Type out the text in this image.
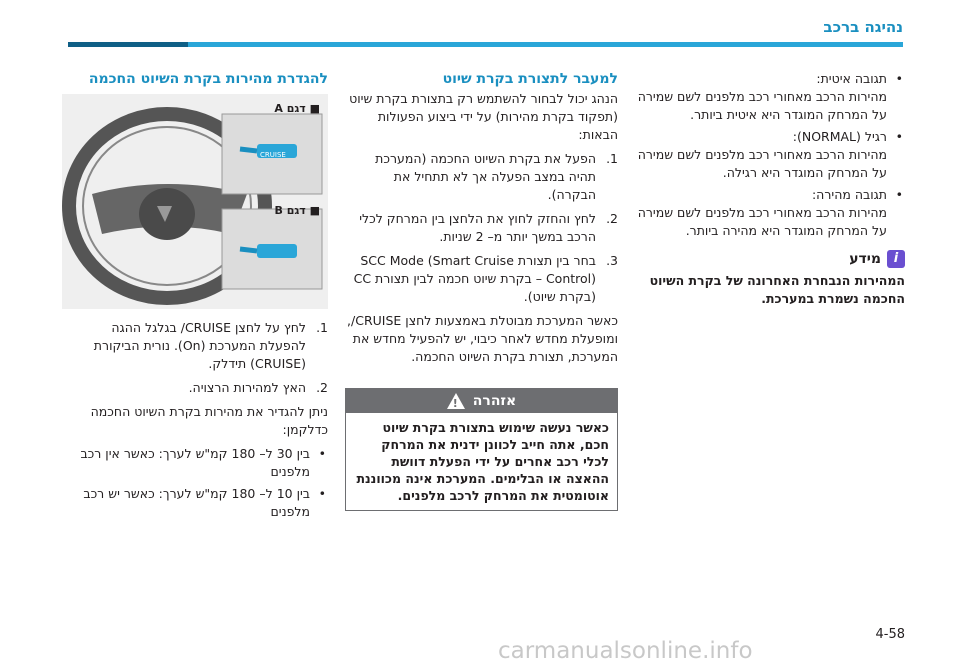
נהיגה ברכב
• תגובה איטית:
מהירות הרכב מאחורי רכב מלפנים לשם שמירה על המרחק המוגדר היא איטית ביותר.
• רגיל (NORMAL):
מהירות הרכב מאחורי רכב מלפנים לשם שמירה על המרחק המוגדר היא רגילה.
• תגובה מהירה:
מהירות הרכב מאחורי רכב מלפנים לשם שמירה על המרחק המוגדר היא מהירה ביותר.
i
מידע
המהירות הנבחרת האחרונה של בקרת השיוט החכמה נשמרת במערכת.
למעבר לתצורת בקרת שיוט
הנהג יכול לבחור להשתמש רק בתצורת בקרת שיוט (תפקוד בקרת מהירות) על ידי ביצוע הפעולות הבאות:
1.
הפעל את בקרת השיוט החכמה (המערכת תהיה במצב הפעלה אך לא תתחיל את הבקרה).
2.
לחץ והחזק לחוץ את הלחצן בין המרחק לכלי הרכב במשך יותר מ– 2 שניות.
3.
בחר בין תצורת SCC Mode (Smart Cruise Control) – בקרת שיוט חכמה לבין תצורת CC (בקרת שיוט).
כאשר המערכת מבוטלת באמצעות לחצן CRUISE/, ומופעלת מחדש לאחר כיבוי, יש להפעיל מחדש את המערכת, תצורת בקרת השיוט החכמה.
אזהרה
!
כאשר נעשה שימוש בתצורת בקרת שיוט חכם, אתה חייב לכוונן ידנית את המרחק לכלי רכב אחרים על ידי הפעלת דוושת ההאצה או הבלימים. המערכת אינה מכווננת אוטומטית את המרחק לרכב מלפנים.
להגדרת מהירות בקרת השיוט החכמה
■ דגם A
■ דגם B
CRUISE
1.
לחץ על לחצן CRUISE/ בגלגל ההגה להפעלת המערכת (On). נורית הביקורת (CRUISE) תידלק.
2.
האץ למהירות הרצויה.
ניתן להגדיר את מהירות בקרת השיוט החכמה כדלקמן:
• בין 30 ל– 180 קמ"ש לערך: כאשר אין רכב מלפנים
• בין 10 ל– 180 קמ"ש לערך: כאשר יש רכב מלפנים
4-58
carmanualsonline.info
